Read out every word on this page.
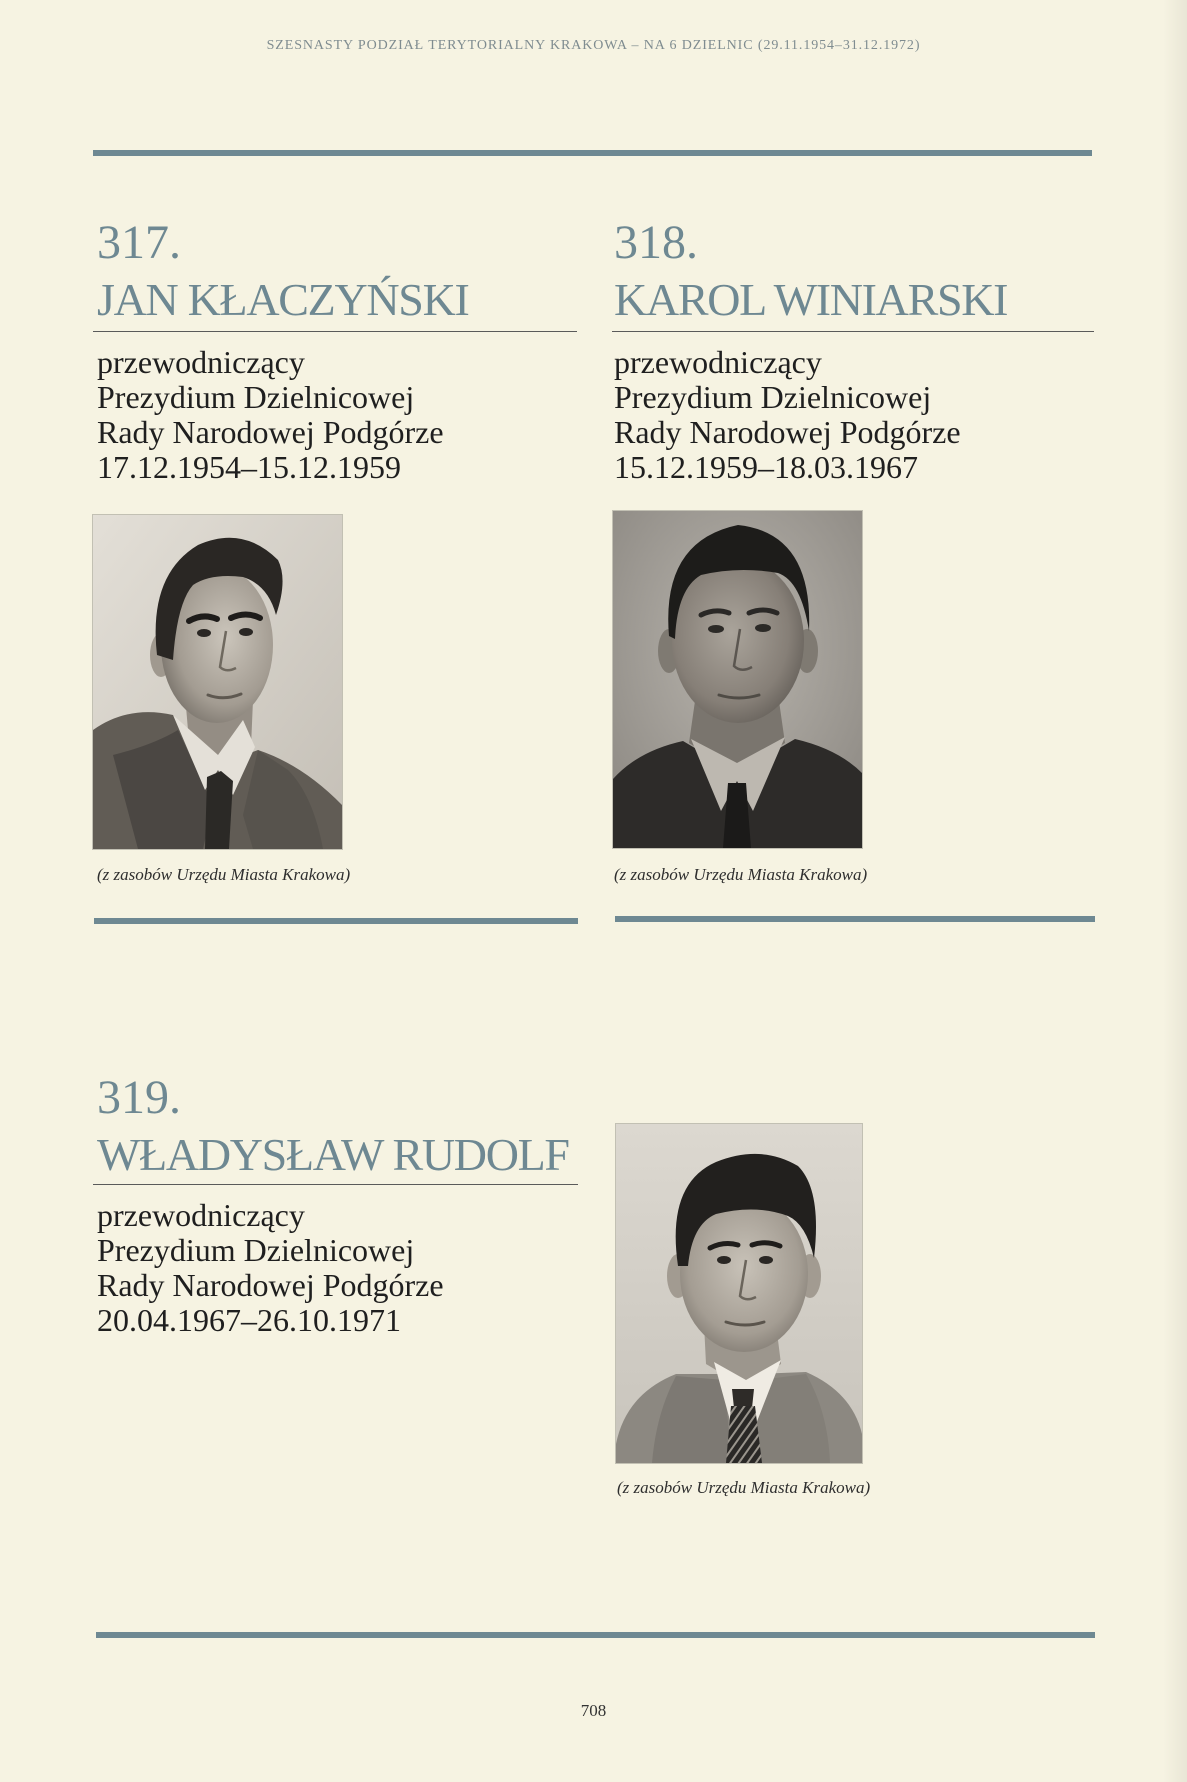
SZESNASTY PODZIAŁ TERYTORIALNY KRAKOWA – NA 6 DZIELNIC (29.11.1954–31.12.1972)
317.
JAN KŁACZYŃSKI
przewodniczący
Prezydium Dzielnicowej
Rady Narodowej Podgórze
17.12.1954–15.12.1959
(z zasobów Urzędu Miasta Krakowa)
318.
KAROL WINIARSKI
przewodniczący
Prezydium Dzielnicowej
Rady Narodowej Podgórze
15.12.1959–18.03.1967
(z zasobów Urzędu Miasta Krakowa)
319.
WŁADYSŁAW RUDOLF
przewodniczący
Prezydium Dzielnicowej
Rady Narodowej Podgórze
20.04.1967–26.10.1971
(z zasobów Urzędu Miasta Krakowa)
708
